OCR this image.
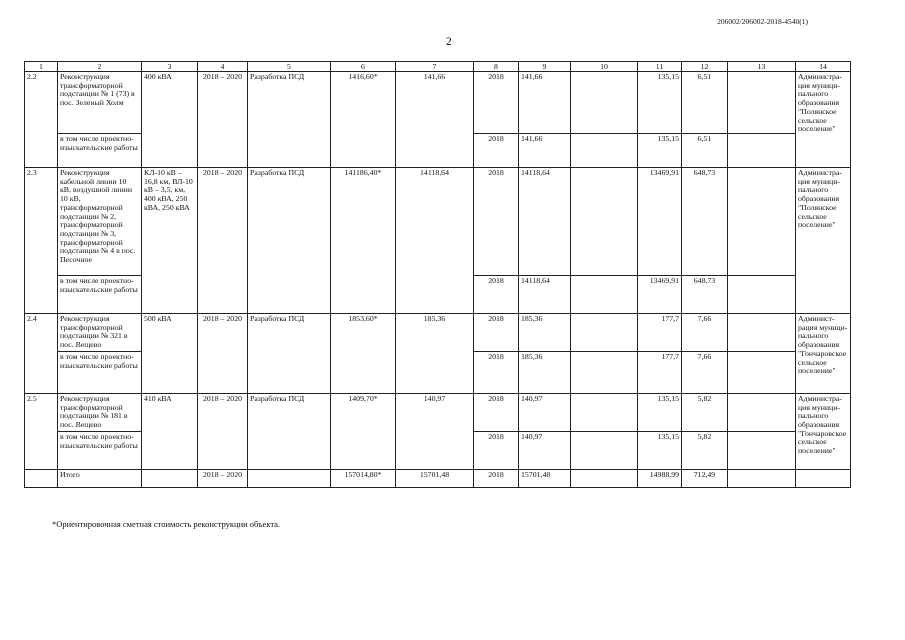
206002/206002-2018-4540(1)
2
1	2	3	4	5	6	7	8	9	10	11	12	13	14	
2.2	Реконструкция трансформаторной подстанции № 1 (73) в пос. Зеленый Холм	400 кВА	2018 – 2020	Разработка ПСД	1416,60*	141,66	2018	141,66		135,15	6,51		Администра-ция муници-пального образования "Полянское сельское поселение"	
	в том числе проектно-изыскательские работы						2018	141,66		135,15	6,51			
2.3	Реконструкция кабельной линии 10 кВ, воздушной линии 10 кВ, трансформаторной подстанции № 2, трансформаторной подстанции № 3, трансформаторной подстанции № 4 в пос. Песочное	КЛ-10 кВ – 16,8 км, ВЛ-10 кВ – 3,5, км, 400 кВА, 250 кВА, 250 кВА	2018 – 2020	Разработка ПСД	141186,40*	14118,64	2018	14118,64		13469,91	648,73		Администра-ция муници-пального образования "Полянское сельское поселение"	
	в том числе проектно-изыскательские работы						2018	14118,64		13469,91	648,73			
2.4	Реконструкция трансформаторной подстанции № 321 в пос. Вещево	500 кВА	2018 – 2020	Разработка ПСД	1853,60*	185,36	2018	185,36		177,7	7,66		Админист-рация муници-пального образования "Гончаровское сельское поселение"	
	в том числе проектно-изыскательские работы						2018	185,36		177,7	7,66			
2.5	Реконструкция трансформаторной подстанции № 181 в пос. Вещево	410 кВА	2018 – 2020	Разработка ПСД	1409,70*	140,97	2018	140,97		135,15	5,82		Администра-ция муници-пального образования "Гончаровское сельское поселение"	
	в том числе проектно-изыскательские работы						2018	140,97		135,15	5,82			
	Итого		2018 – 2020		157014,80*	15701,48	2018	15701,48		14988,99	712,49			
*Ориентировочная сметная стоимость реконструкции объекта.
